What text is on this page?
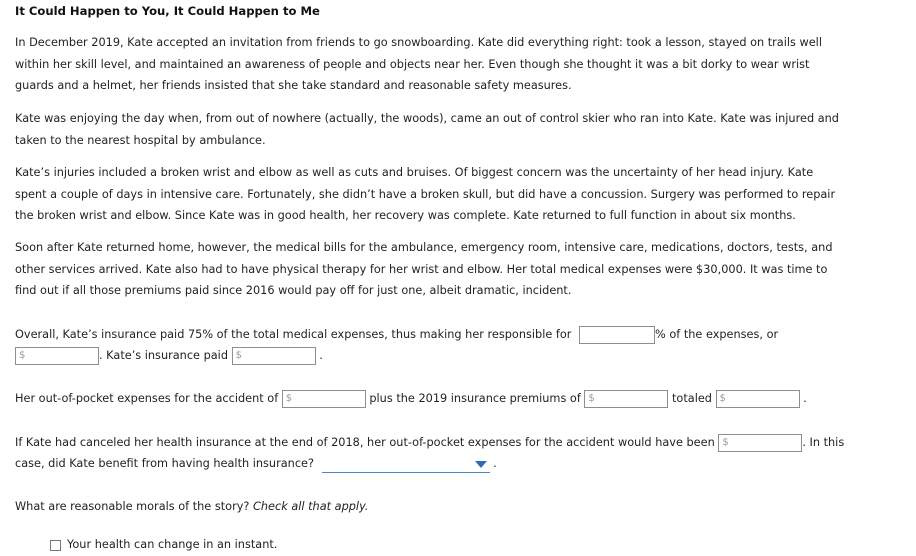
It Could Happen to You, It Could Happen to Me

In December 2019, Kate accepted an invitation from friends to go snowboarding. Kate did everything right: took a lesson, stayed on trails well within her skill level, and maintained an awareness of people and objects near her. Even though she thought it was a bit dorky to wear wrist guards and a helmet, her friends insisted that she take standard and reasonable safety measures.

Kate was enjoying the day when, from out of nowhere (actually, the woods), came an out of control skier who ran into Kate. Kate was injured and taken to the nearest hospital by ambulance.

Kate’s injuries included a broken wrist and elbow as well as cuts and bruises. Of biggest concern was the uncertainty of her head injury. Kate spent a couple of days in intensive care. Fortunately, she didn’t have a broken skull, but did have a concussion. Surgery was performed to repair the broken wrist and elbow. Since Kate was in good health, her recovery was complete. Kate returned to full function in about six months.

Soon after Kate returned home, however, the medical bills for the ambulance, emergency room, intensive care, medications, doctors, tests, and other services arrived. Kate also had to have physical therapy for her wrist and elbow. Her total medical expenses were $30,000. It was time to find out if all those premiums paid since 2016 would pay off for just one, albeit dramatic, incident.

Overall, Kate’s insurance paid 75% of the total medical expenses, thus making her responsible for	% of the expenses, or
$	. Kate’s insurance paid $	.
Her out-of-pocket expenses for the accident of $	plus the 2019 insurance premiums of $	totaled $	.
If Kate had canceled her health insurance at the end of 2018, her out-of-pocket expenses for the accident would have been $	. In this
case, did Kate benefit from having health insurance?	.
What are reasonable morals of the story? Check all that apply.
Your health can change in an instant.
